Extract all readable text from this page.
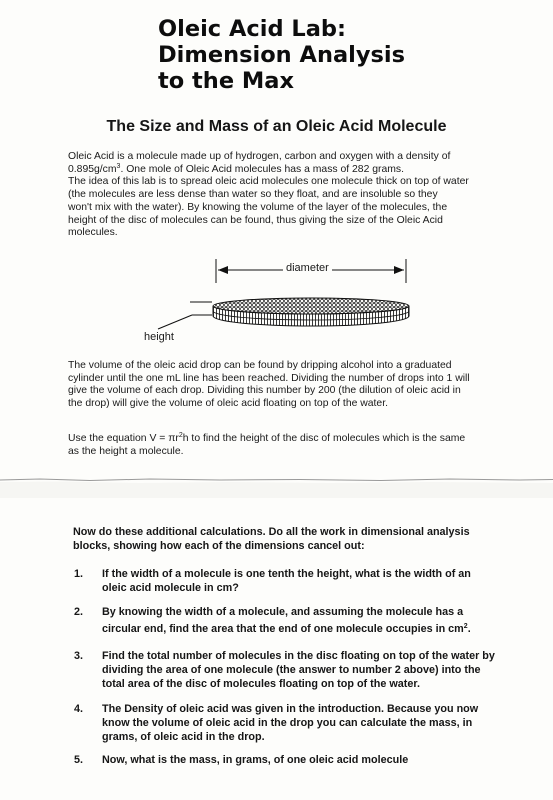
Oleic Acid Lab:
Dimension Analysis
to the Max
The Size and Mass of an Oleic Acid Molecule
Oleic Acid is a molecule made up of hydrogen, carbon and oxygen with a density of
$0.895g/cm^3$. One mole of Oleic Acid molecules has a mass of 282 grams.
The idea of this lab is to spread oleic acid molecules one molecule thick on top of water
(the molecules are less dense than water so they float, and are insoluble so they
won't mix with the water). By knowing the volume of the layer of the molecules, the
height of the disc of molecules can be found, thus giving the size of the Oleic Acid
molecules.
diameter
height
The volume of the oleic acid drop can be found by dripping alcohol into a graduated
cylinder until the one mL line has been reached. Dividing the number of drops into 1 will
give the volume of each drop. Dividing this number by 200 (the dilution of oleic acid in
the drop) will give the volume of oleic acid floating on top of the water.
Use the equation $V = \pi r^2h$ to find the height of the disc of molecules which is the same
as the height a molecule.
Now do these additional calculations. Do all the work in dimensional analysis
blocks, showing how each of the dimensions cancel out:
1. If the width of a molecule is one tenth the height, what is the width of an
oleic acid molecule in cm?
2. By knowing the width of a molecule, and assuming the molecule has a
circular end, find the area that the end of one molecule occupies in $cm^2$.
3. Find the total number of molecules in the disc floating on top of the water by
dividing the area of one molecule (the answer to number 2 above) into the
total area of the disc of molecules floating on top of the water.
4. The Density of oleic acid was given in the introduction. Because you now
know the volume of oleic acid in the drop you can calculate the mass, in
grams, of oleic acid in the drop.
5. Now, what is the mass, in grams, of one oleic acid molecule
